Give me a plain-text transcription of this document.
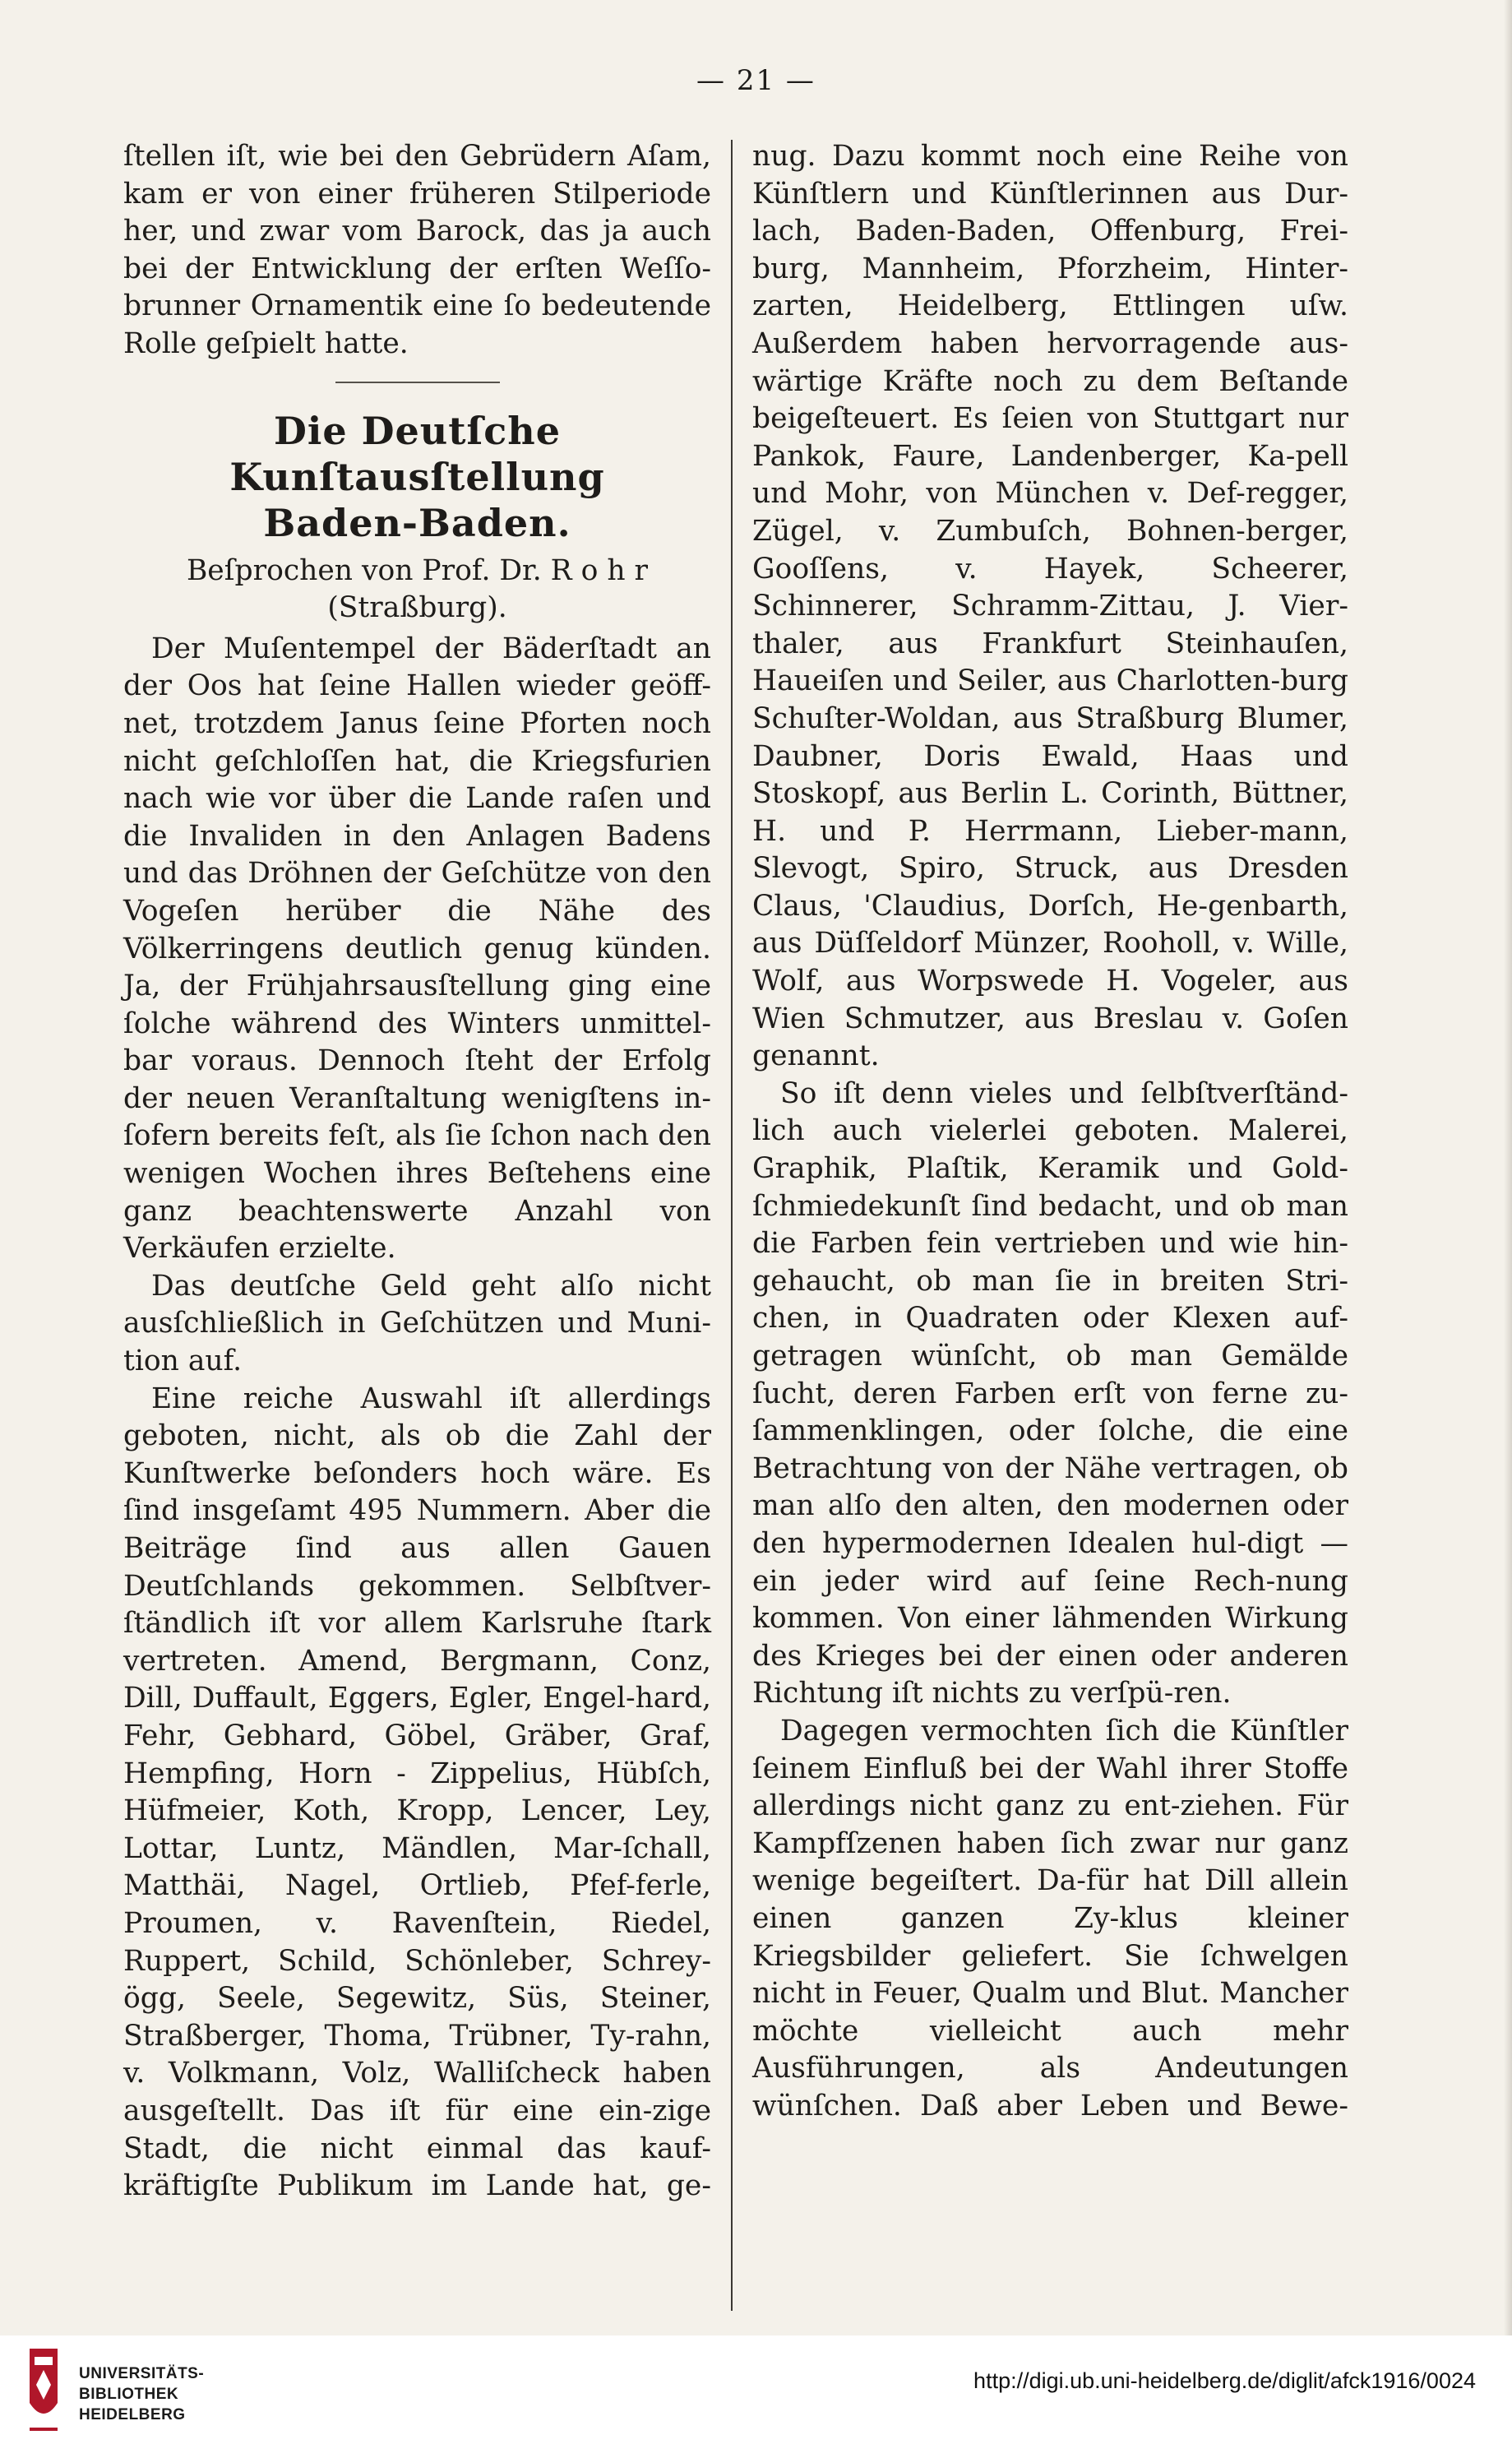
— 21 —

ſtellen iſt, wie bei den Gebrüdern Aſam, kam er von einer früheren Stilperiode her, und zwar vom Barock, das ja auch bei der Entwicklung der erſten Weſſo-brunner Ornamentik eine ſo bedeutende Rolle geſpielt hatte.

Die Deutſche Kunſtausſtellung
Baden-Baden.
Beſprochen von Prof. Dr. R o h r
(Straßburg).

Der Muſentempel der Bäderſtadt an der Oos hat ſeine Hallen wieder geöff-net, trotzdem Janus ſeine Pforten noch nicht geſchloſſen hat, die Kriegsfurien nach wie vor über die Lande raſen und die Invaliden in den Anlagen Badens und das Dröhnen der Geſchütze von den Vogeſen herüber die Nähe des Völkerringens deutlich genug künden. Ja, der Frühjahrsausſtellung ging eine ſolche während des Winters unmittel-bar voraus. Dennoch ſteht der Erfolg der neuen Veranſtaltung wenigſtens in-ſofern bereits feſt, als ſie ſchon nach den wenigen Wochen ihres Beſtehens eine ganz beachtenswerte Anzahl von Verkäufen erzielte.

Das deutſche Geld geht alſo nicht ausſchließlich in Geſchützen und Muni-tion auf.

Eine reiche Auswahl iſt allerdings geboten, nicht, als ob die Zahl der Kunſtwerke beſonders hoch wäre. Es ſind insgeſamt 495 Nummern. Aber die Beiträge ſind aus allen Gauen Deutſchlands gekommen. Selbſtver-ſtändlich iſt vor allem Karlsruhe ſtark vertreten. Amend, Bergmann, Conz, Dill, Duffault, Eggers, Egler, Engel-hard, Fehr, Gebhard, Göbel, Gräber, Graf, Hempfing, Horn - Zippelius, Hübſch, Hüfmeier, Koth, Kropp, Lencer, Ley, Lottar, Luntz, Mändlen, Mar-ſchall, Matthäi, Nagel, Ortlieb, Pfef-ferle, Proumen, v. Ravenſtein, Riedel, Ruppert, Schild, Schönleber, Schrey-ögg, Seele, Segewitz, Süs, Steiner, Straßberger, Thoma, Trübner, Ty-rahn, v. Volkmann, Volz, Walliſcheck haben ausgeſtellt. Das iſt für eine ein-zige Stadt, die nicht einmal das kauf-kräftigſte Publikum im Lande hat, ge-

nug. Dazu kommt noch eine Reihe von Künſtlern und Künſtlerinnen aus Dur-lach, Baden-Baden, Offenburg, Frei-burg, Mannheim, Pforzheim, Hinter-zarten, Heidelberg, Ettlingen uſw. Außerdem haben hervorragende aus-wärtige Kräfte noch zu dem Beſtande beigeſteuert. Es ſeien von Stuttgart nur Pankok, Faure, Landenberger, Ka-pell und Mohr, von München v. Def-regger, Zügel, v. Zumbuſch, Bohnen-berger, Gooſſens, v. Hayek, Scheerer, Schinnerer, Schramm-Zittau, J. Vier-thaler, aus Frankfurt Steinhauſen, Haueiſen und Seiler, aus Charlotten-burg Schuſter-Woldan, aus Straßburg Blumer, Daubner, Doris Ewald, Haas und Stoskopf, aus Berlin L. Corinth, Büttner, H. und P. Herrmann, Lieber-mann, Slevogt, Spiro, Struck, aus Dresden Claus, 'Claudius, Dorſch, He-genbarth, aus Düſſeldorf Münzer, Rooholl, v. Wille, Wolf, aus Worpswede H. Vogeler, aus Wien Schmutzer, aus Breslau v. Goſen genannt.

So iſt denn vieles und ſelbſtverſtänd-lich auch vielerlei geboten. Malerei, Graphik, Plaſtik, Keramik und Gold-ſchmiedekunſt ſind bedacht, und ob man die Farben fein vertrieben und wie hin-gehaucht, ob man ſie in breiten Stri-chen, in Quadraten oder Klexen auf-getragen wünſcht, ob man Gemälde ſucht, deren Farben erſt von ferne zu-ſammenklingen, oder ſolche, die eine Betrachtung von der Nähe vertragen, ob man alſo den alten, den modernen oder den hypermodernen Idealen hul-digt — ein jeder wird auf ſeine Rech-nung kommen. Von einer lähmenden Wirkung des Krieges bei der einen oder anderen Richtung iſt nichts zu verſpü-ren.

Dagegen vermochten ſich die Künſtler ſeinem Einfluß bei der Wahl ihrer Stoffe allerdings nicht ganz zu ent-ziehen. Für Kampfſzenen haben ſich zwar nur ganz wenige begeiſtert. Da-für hat Dill allein einen ganzen Zy-klus kleiner Kriegsbilder geliefert. Sie ſchwelgen nicht in Feuer, Qualm und Blut. Mancher möchte vielleicht auch mehr Ausführungen, als Andeutungen wünſchen. Daß aber Leben und Bewe-

UNIVERSITÄTS-
BIBLIOTHEK
HEIDELBERG
http://digi.ub.uni-heidelberg.de/diglit/afck1916/0024
